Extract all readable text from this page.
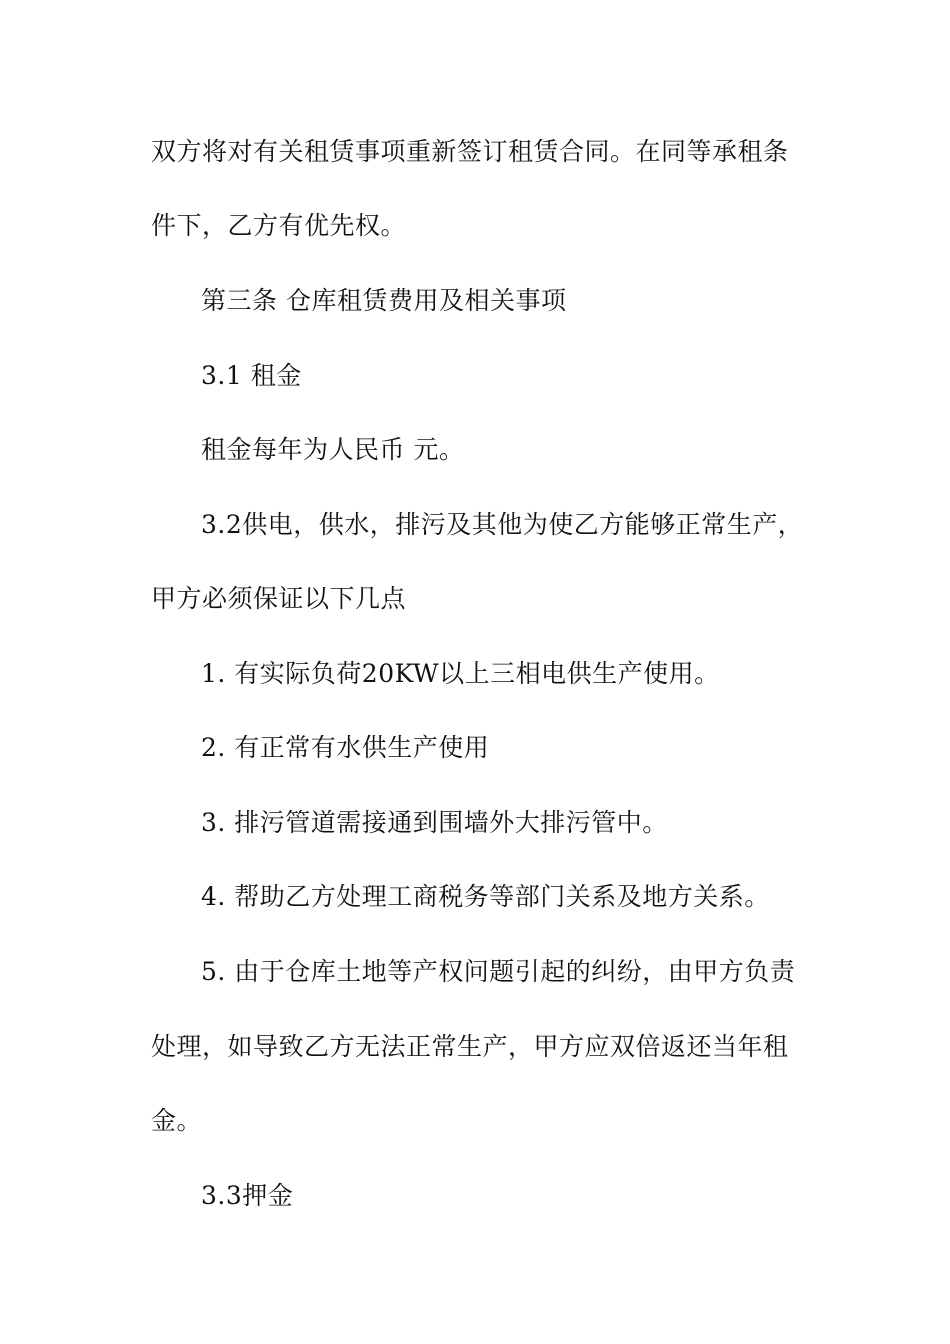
双方将对有关租赁事项重新签订租赁合同。在同等承租条
件下，乙方有优先权。
第三条 仓库租赁费用及相关事项
3.1 租金
租金每年为人民币 元。
3.2供电，供水，排污及其他为使乙方能够正常生产，
甲方必须保证以下几点
1. 有实际负荷20KW以上三相电供生产使用。
2. 有正常有水供生产使用
3. 排污管道需接通到围墙外大排污管中。
4. 帮助乙方处理工商税务等部门关系及地方关系。
5. 由于仓库土地等产权问题引起的纠纷，由甲方负责
处理，如导致乙方无法正常生产，甲方应双倍返还当年租
金。
3.3押金
